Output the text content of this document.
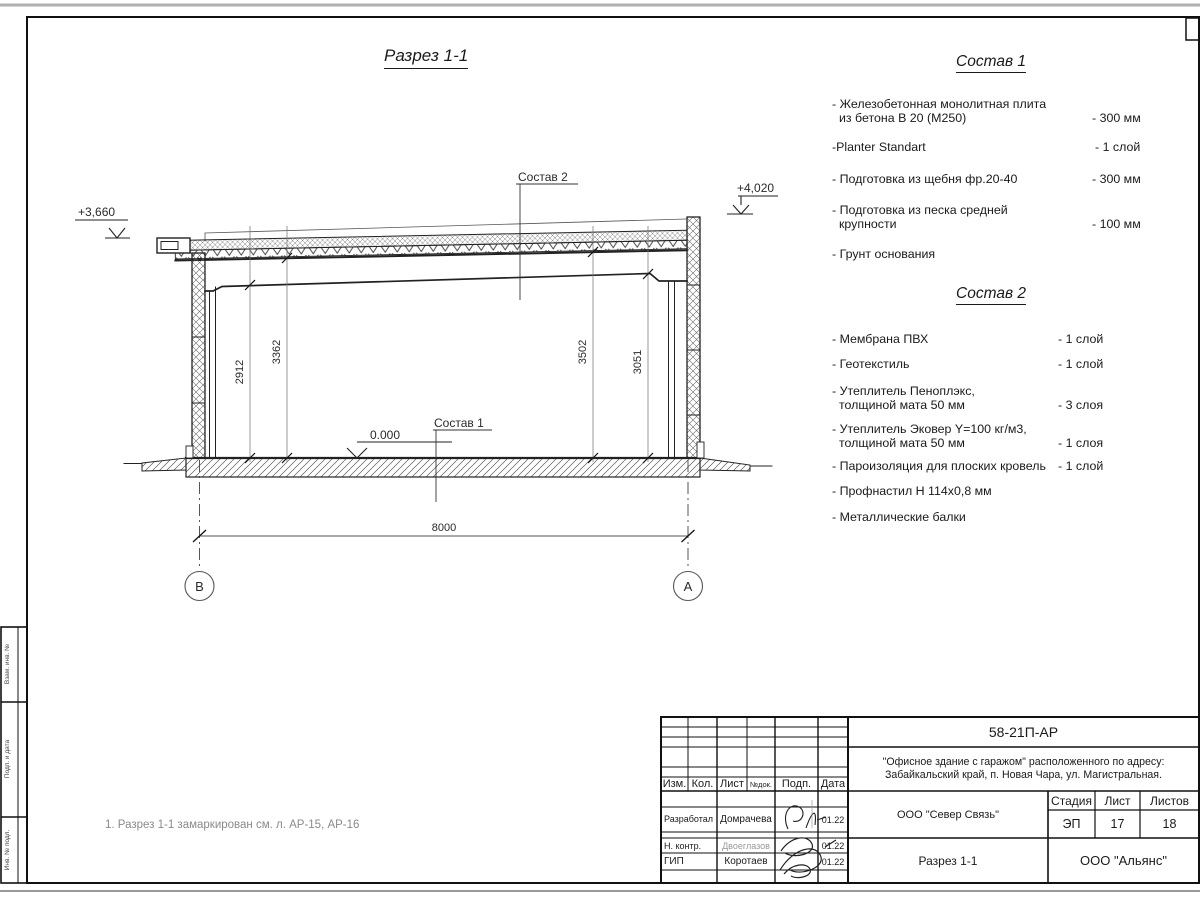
В	А
8000
2912
3362	3502	3051
+3,660
+4,020
0.000
Состав 2
Состав 1
Разрез 1-1	Состав 1
- Железобетонная монолитная плита
из бетона В 20 (М250)	- 300 мм
-Planter Standart	- 1 слой
- Подготовка из щебня фр.20-40	- 300 мм
- Подготовка из песка средней
крупности	- 100 мм
- Грунт основания
Состав 2
- Мембрана ПВХ	- 1 слой
- Геотекстиль	- 1 слой
- Утеплитель Пеноплэкс,
толщиной мата 50 мм	- 3 слоя
- Утеплитель Эковер Y=100 кг/м3,
толщиной мата 50 мм	- 1 слоя
- Пароизоляция для плоских кровель - 1 слой
- Профнастил Н 114х0,8 мм
- Металлические балки
1. Разрез 1-1 замаркирован см. л. АР-15, АР-16
Взам. инв. №
Подп. и дата
Инв. № подл.
58-21П-АР
"Офисное здание с гаражом" расположенного по адресу:
Забайкальский край, п. Новая Чара, ул. Магистральная.
ООО "Север Связь"
Разрез 1-1	ООО "Альянс"
Стадия	Лист	Листов
ЭП	17	18
Изм. Кол. Лист №док. Подп. Дата
Разработал Домрачева	01.22
Н. контр.	Двоеглазов	01.22
ГИП	Коротаев	01.22
